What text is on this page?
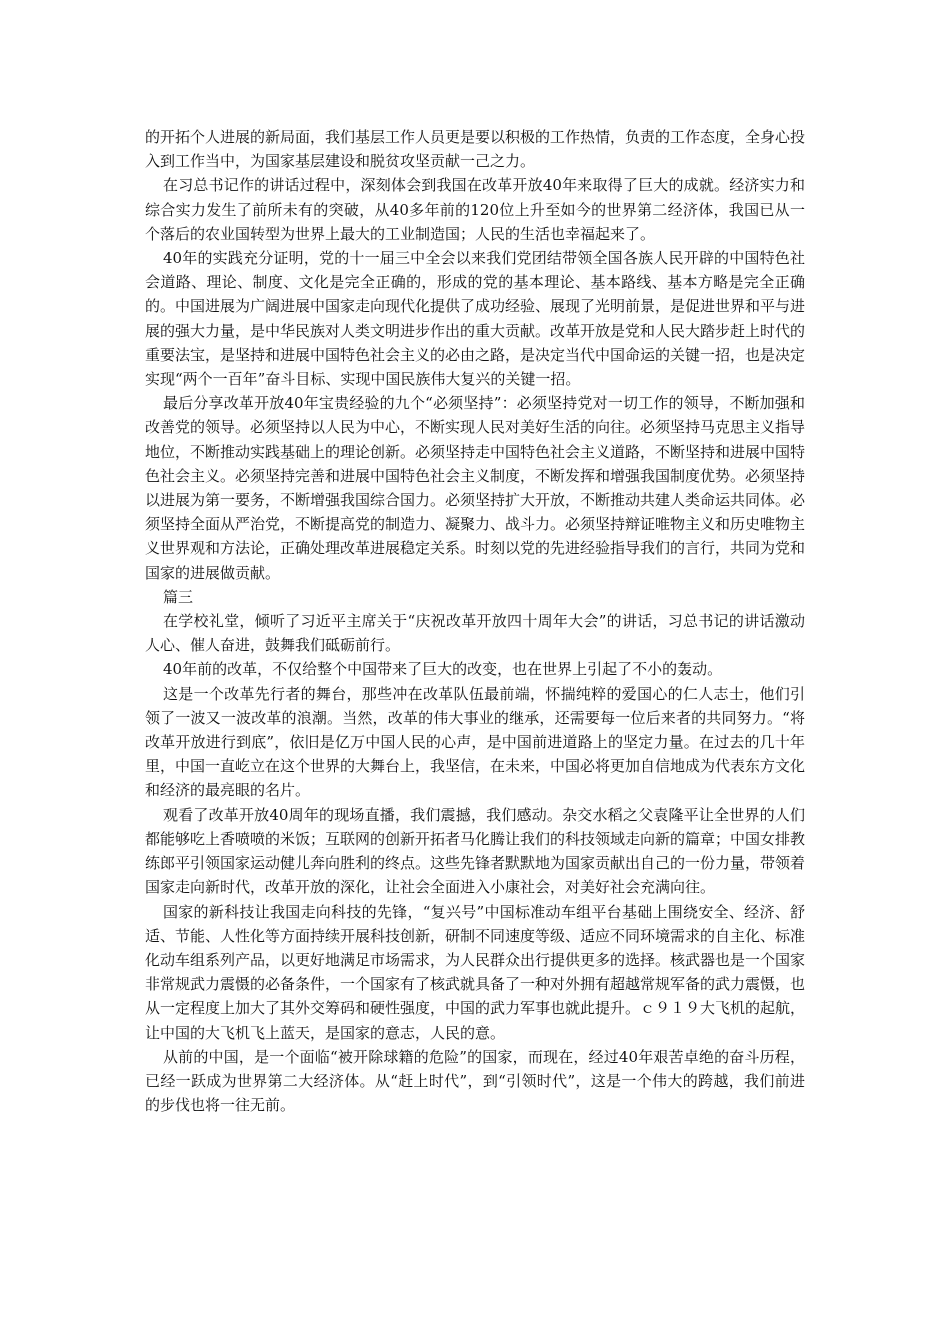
的开拓个人进展的新局面，我们基层工作人员更是要以积极的工作热情，负责的工作态度，全身心投入到工作当中，为国家基层建设和脱贫攻坚贡献一己之力。

在习总书记作的讲话过程中，深刻体会到我国在改革开放40年来取得了巨大的成就。经济实力和综合实力发生了前所未有的突破，从40多年前的120位上升至如今的世界第二经济体，我国已从一个落后的农业国转型为世界上最大的工业制造国；人民的生活也幸福起来了。

40年的实践充分证明，党的十一届三中全会以来我们党团结带领全国各族人民开辟的中国特色社会道路、理论、制度、文化是完全正确的，形成的党的基本理论、基本路线、基本方略是完全正确的。中国进展为广阔进展中国家走向现代化提供了成功经验、展现了光明前景，是促进世界和平与进展的强大力量，是中华民族对人类文明进步作出的重大贡献。改革开放是党和人民大踏步赶上时代的重要法宝，是坚持和进展中国特色社会主义的必由之路，是决定当代中国命运的关键一招，也是决定实现“两个一百年”奋斗目标、实现中国民族伟大复兴的关键一招。

最后分享改革开放40年宝贵经验的九个“必须坚持”：必须坚持党对一切工作的领导，不断加强和改善党的领导。必须坚持以人民为中心，不断实现人民对美好生活的向往。必须坚持马克思主义指导地位，不断推动实践基础上的理论创新。必须坚持走中国特色社会主义道路，不断坚持和进展中国特色社会主义。必须坚持完善和进展中国特色社会主义制度，不断发挥和增强我国制度优势。必须坚持以进展为第一要务，不断增强我国综合国力。必须坚持扩大开放，不断推动共建人类命运共同体。必须坚持全面从严治党，不断提高党的制造力、凝聚力、战斗力。必须坚持辩证唯物主义和历史唯物主义世界观和方法论，正确处理改革进展稳定关系。时刻以党的先进经验指导我们的言行，共同为党和国家的进展做贡献。

篇三

在学校礼堂，倾听了习近平主席关于“庆祝改革开放四十周年大会”的讲话，习总书记的讲话激动人心、催人奋进，鼓舞我们砥砺前行。

40年前的改革，不仅给整个中国带来了巨大的改变，也在世界上引起了不小的轰动。

这是一个改革先行者的舞台，那些冲在改革队伍最前端，怀揣纯粹的爱国心的仁人志士，他们引领了一波又一波改革的浪潮。当然，改革的伟大事业的继承，还需要每一位后来者的共同努力。“将改革开放进行到底”，依旧是亿万中国人民的心声，是中国前进道路上的坚定力量。在过去的几十年里，中国一直屹立在这个世界的大舞台上，我坚信，在未来，中国必将更加自信地成为代表东方文化和经济的最亮眼的名片。

观看了改革开放40周年的现场直播，我们震撼，我们感动。杂交水稻之父袁隆平让全世界的人们都能够吃上香喷喷的米饭；互联网的创新开拓者马化腾让我们的科技领域走向新的篇章；中国女排教练郎平引领国家运动健儿奔向胜利的终点。这些先锋者默默地为国家贡献出自己的一份力量，带领着国家走向新时代，改革开放的深化，让社会全面进入小康社会，对美好社会充满向往。

国家的新科技让我国走向科技的先锋，“复兴号”中国标准动车组平台基础上围绕安全、经济、舒适、节能、人性化等方面持续开展科技创新，研制不同速度等级、适应不同环境需求的自主化、标准化动车组系列产品，以更好地满足市场需求，为人民群众出行提供更多的选择。核武器也是一个国家非常规武力震慑的必备条件，一个国家有了核武就具备了一种对外拥有超越常规军备的武力震慑，也从一定程度上加大了其外交筹码和硬性强度，中国的武力军事也就此提升。ｃ９１９大飞机的起航，让中国的大飞机飞上蓝天，是国家的意志，人民的意。

从前的中国，是一个面临“被开除球籍的危险”的国家，而现在，经过40年艰苦卓绝的奋斗历程，已经一跃成为世界第二大经济体。从“赶上时代”，到“引领时代”，这是一个伟大的跨越，我们前进的步伐也将一往无前。
